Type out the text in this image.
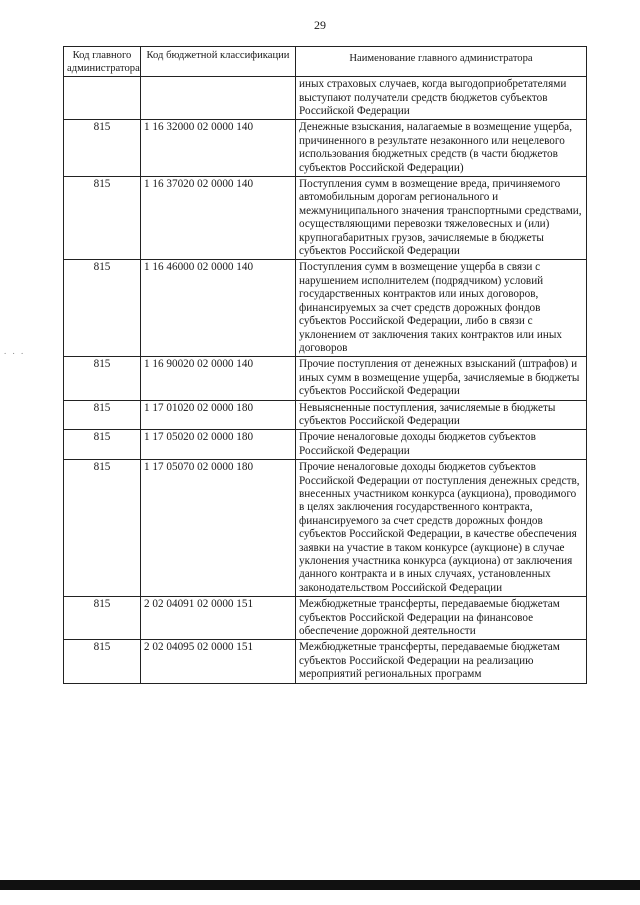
29
. . .
Код главного администратора	Код бюджетной классификации	Наименование главного администратора
		иных страховых случаев, когда выгодоприобретателями выступают получатели средств бюджетов субъектов Российской Федерации
815	1 16 32000 02 0000 140	Денежные взыскания, налагаемые в возмещение ущерба, причиненного в результате незаконного или нецелевого использования бюджетных средств (в части бюджетов субъектов Российской Федерации)
815	1 16 37020 02 0000 140	Поступления сумм в возмещение вреда, причиняемого автомобильным дорогам регионального и межмуниципального значения транспортными средствами, осуществляющими перевозки тяжеловесных и (или) крупногабаритных грузов, зачисляемые в бюджеты субъектов Российской Федерации
815	1 16 46000 02 0000 140	Поступления сумм в возмещение ущерба в связи с нарушением исполнителем (подрядчиком) условий государственных контрактов или иных договоров, финансируемых за счет средств дорожных фондов субъектов Российской Федерации, либо в связи с уклонением от заключения таких контрактов или иных договоров
815	1 16 90020 02 0000 140	Прочие поступления от денежных взысканий (штрафов) и иных сумм в возмещение ущерба, зачисляемые в бюджеты субъектов Российской Федерации
815	1 17 01020 02 0000 180	Невыясненные поступления, зачисляемые в бюджеты субъектов Российской Федерации
815	1 17 05020 02 0000 180	Прочие неналоговые доходы бюджетов субъектов Российской Федерации
815	1 17 05070 02 0000 180	Прочие неналоговые доходы бюджетов субъектов Российской Федерации от поступления денежных средств, внесенных участником конкурса (аукциона), проводимого в целях заключения государственного контракта, финансируемого за счет средств дорожных фондов субъектов Российской Федерации, в качестве обеспечения заявки на участие в таком конкурсе (аукционе) в случае уклонения участника конкурса (аукциона) от заключения данного контракта и в иных случаях, установленных законодательством Российской Федерации
815	2 02 04091 02 0000 151	Межбюджетные трансферты, передаваемые бюджетам субъектов Российской Федерации на финансовое обеспечение дорожной деятельности
815	2 02 04095 02 0000 151	Межбюджетные трансферты, передаваемые бюджетам субъектов Российской Федерации на реализацию мероприятий региональных программ
